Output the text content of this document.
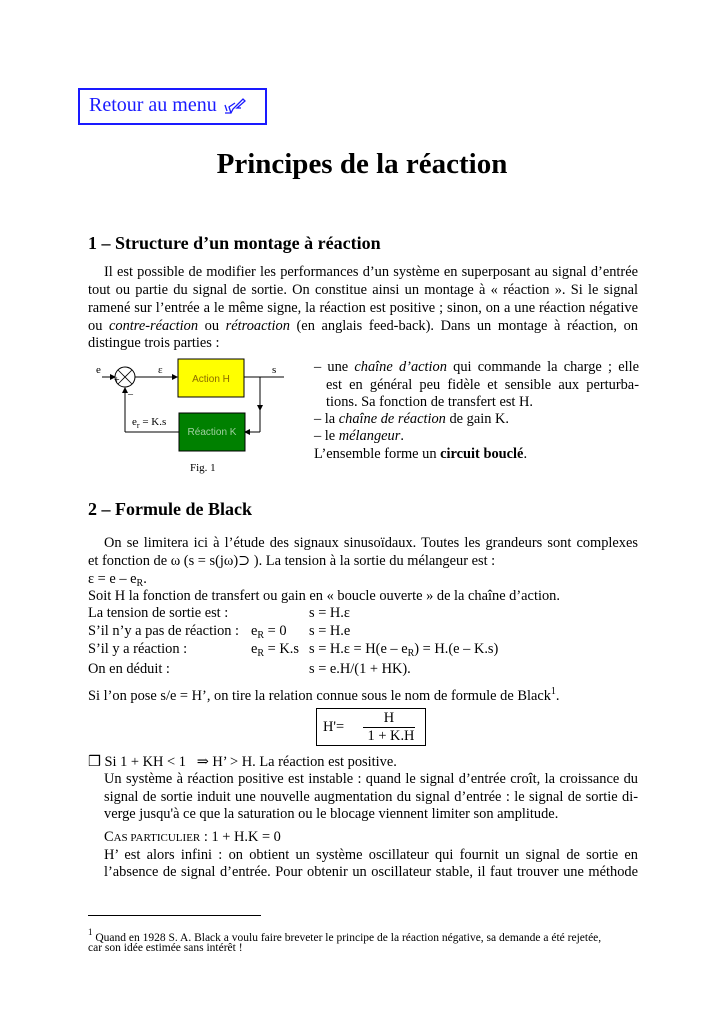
Retour au menu
Principes de la réaction
1 – Structure d’un montage à réaction
Il est possible de modifier les performances d’un système en superposant au signal d’entrée
tout ou partie du signal de sortie. On constitue ainsi un montage à « réaction ». Si le signal
ramené sur l’entrée a le même signe, la réaction est positive ; sinon, on a une réaction négative
ou contre-réaction ou rétroaction (en anglais feed-back). Dans un montage à réaction, on
distingue trois parties :
e
+
–
ε	s
Action H
Réaction K
$e_r = K.s$
Fig. 1
– une chaîne d’action qui commande la charge ; elle
est en général peu fidèle et sensible aux perturba-
tions. Sa fonction de transfert est H.
– la chaîne de réaction de gain K.
– le mélangeur.
L’ensemble forme un circuit bouclé.
2 – Formule de Black
On se limitera ici à l’étude des signaux sinusoïdaux. Toutes les grandeurs sont complexes
et fonction de ω (s = s(jω)⊃ ). La tension à la sortie du mélangeur est :
$\varepsilon = e - e_R$.
Soit H la fonction de transfert ou gain en « boucle ouverte » de la chaîne d’action.
La tension de sortie est :	s = H.ε
S’il n’y a pas de réaction : $e_R = 0$ s = H.e
S’il y a réaction :	$e_R = K.s$ $s = H.\varepsilon = H(e - e_R) = H.(e - K.s)$
On en déduit :	s = e.H/(1 + HK).
Si l’on pose s/e = H’, on tire la relation connue sous le nom de formule de Black$^1$.
H'=
H
1 + K.H
❒ Si 1 + KH < 1   ⇒ H’ > H. La réaction est positive.
Un système à réaction positive est instable : quand le signal d’entrée croît, la croissance du
signal de sortie induit une nouvelle augmentation du signal d’entrée : le signal de sortie di-
verge jusqu'à ce que la saturation ou le blocage viennent limiter son amplitude.
CAS PARTICULIER : 1 + H.K = 0
H’ est alors infini : on obtient un système oscillateur qui fournit un signal de sortie en
l’absence de signal d’entrée. Pour obtenir un oscillateur stable, il faut trouver une méthode
$^1$ Quand en 1928 S. A. Black a voulu faire breveter le principe de la réaction négative, sa demande a été rejetée,
car son idée estimée sans intérêt !
